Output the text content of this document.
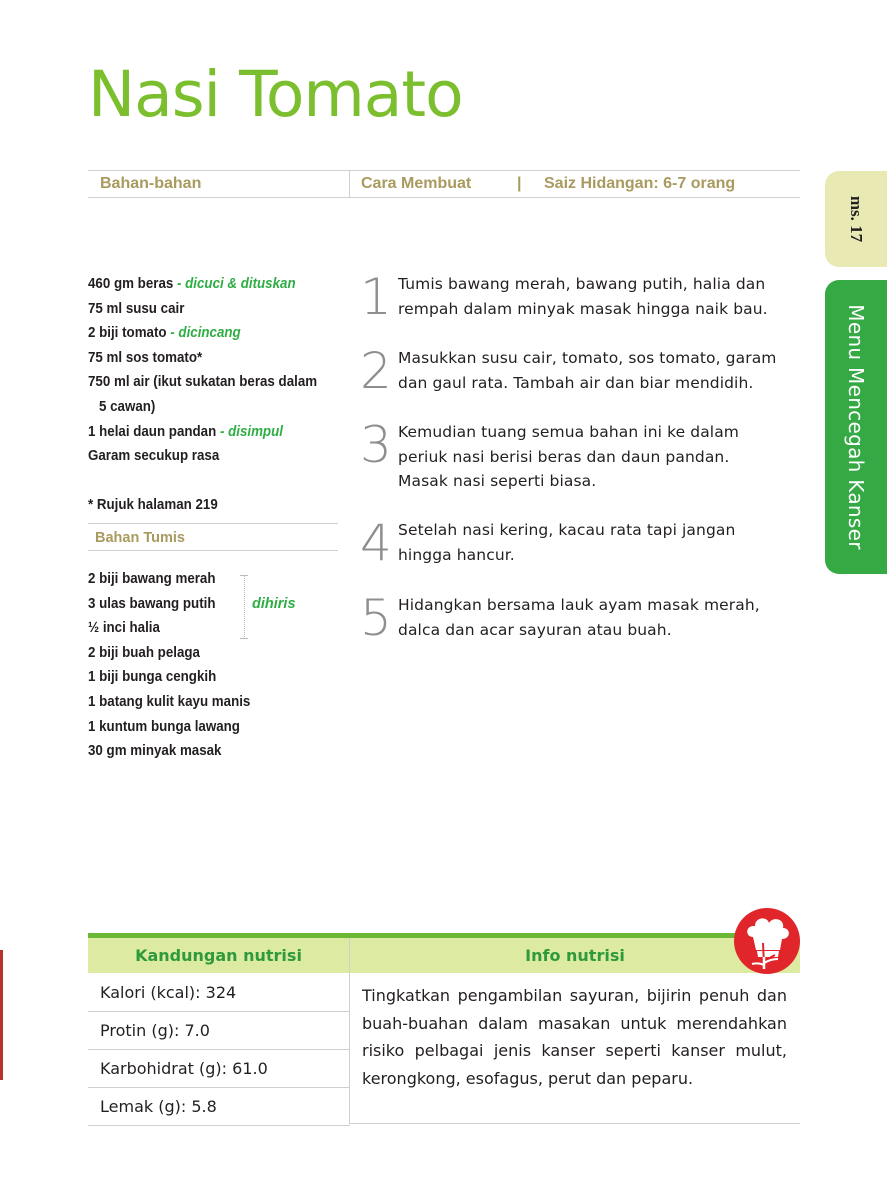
Nasi Tomato
Bahan-bahan	Cara Membuat	| Saiz Hidangan: 6-7 orang
ms. 17
Menu Mencegah Kanser
460 gm beras - dicuci & dituskan
75 ml susu cair
2 biji tomato - dicincang
75 ml sos tomato*
750 ml air (ikut sukatan beras dalam
5 cawan)
1 helai daun pandan - disimpul
Garam secukup rasa
* Rujuk halaman 219
Bahan Tumis
2 biji bawang merah
3 ulas bawang putih
½ inci halia
2 biji buah pelaga
1 biji bunga cengkih
1 batang kulit kayu manis
1 kuntum bunga lawang
30 gm minyak masak
dihiris
1 Tumis bawang merah, bawang putih, halia dan rempah dalam minyak masak hingga naik bau.
2 Masukkan susu cair, tomato, sos tomato, garam dan gaul rata. Tambah air dan biar mendidih.
3 Kemudian tuang semua bahan ini ke dalam periuk nasi berisi beras dan daun pandan. Masak nasi seperti biasa.
4 Setelah nasi kering, kacau rata tapi jangan hingga hancur.
5 Hidangkan bersama lauk ayam masak merah, dalca dan acar sayuran atau buah.
Kandungan nutrisi	Info nutrisi
Kalori (kcal): 324
Protin (g): 7.0
Karbohidrat (g): 61.0
Lemak (g): 5.8
Tingkatkan pengambilan sayuran, bijirin penuh dan buah-buahan dalam masakan untuk merendahkan risiko pelbagai jenis kanser seperti kanser mulut, kerongkong, esofagus, perut dan peparu.
